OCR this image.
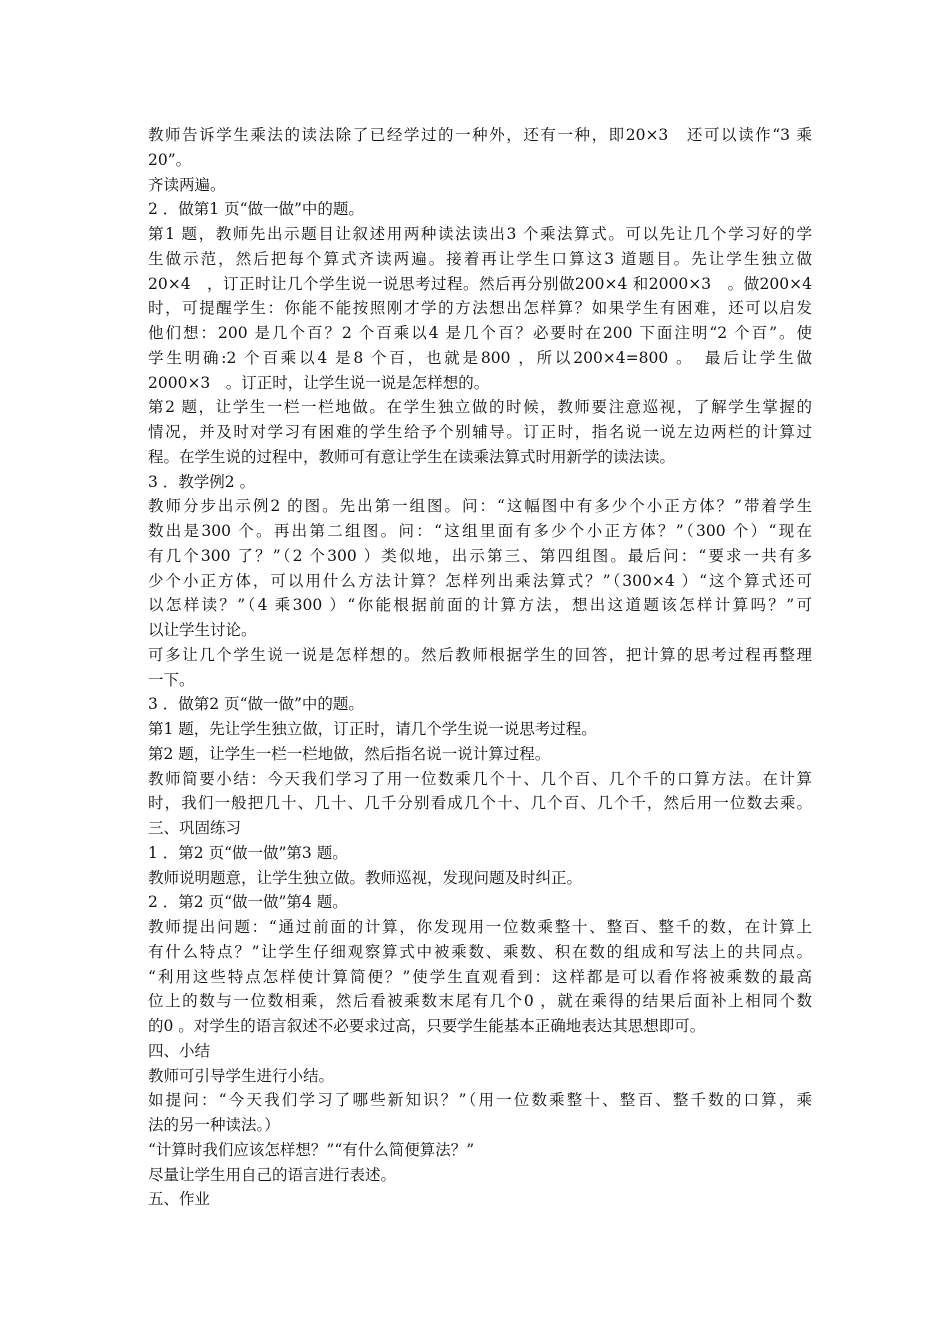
教师告诉学生乘法的读法除了已经学过的一种外，还有一种，即20×3　还可以读作“3 乘
20”。
齐读两遍。
2 ．做第1 页“做一做”中的题。
第1 题，教师先出示题目让叙述用两种读法读出3 个乘法算式。可以先让几个学习好的学
生做示范，然后把每个算式齐读两遍。接着再让学生口算这3 道题目。先让学生独立做
20×4　，订正时让几个学生说一说思考过程。然后再分别做200×4 和2000×3　。做200×4
时，可提醒学生：你能不能按照刚才学的方法想出怎样算？如果学生有困难，还可以启发
他们想：200 是几个百？2 个百乘以4 是几个百？必要时在200 下面注明“2 个百”。使
学生明确:2 个百乘以4 是8 个百，也就是800 ，所以200×4=800 。　最后让学生做
2000×3　。订正时，让学生说一说是怎样想的。
第2 题，让学生一栏一栏地做。在学生独立做的时候，教师要注意巡视，了解学生掌握的
情况，并及时对学习有困难的学生给予个别辅导。订正时，指名说一说左边两栏的计算过
程。在学生说的过程中，教师可有意让学生在读乘法算式时用新学的读法读。
3 ．教学例2 。
教师分步出示例2 的图。先出第一组图。问：“这幅图中有多少个小正方体？”带着学生
数出是300 个。再出第二组图。问：“这组里面有多少个小正方体？”（300 个）“现在
有几个300 了？”（2 个300 ）类似地，出示第三、第四组图。最后问：“要求一共有多
少个小正方体，可以用什么方法计算？怎样列出乘法算式？”（300×4 ）“这个算式还可
以怎样读？”（4 乘300 ）“你能根据前面的计算方法，想出这道题该怎样计算吗？”可
以让学生讨论。
可多让几个学生说一说是怎样想的。然后教师根据学生的回答，把计算的思考过程再整理
一下。
3 ．做第2 页“做一做”中的题。
第1 题，先让学生独立做，订正时，请几个学生说一说思考过程。
第2 题，让学生一栏一栏地做，然后指名说一说计算过程。
教师简要小结：今天我们学习了用一位数乘几个十、几个百、几个千的口算方法。在计算
时，我们一般把几十、几十、几千分别看成几个十、几个百、几个千，然后用一位数去乘。
三、巩固练习
1 ．第2 页“做一做”第3 题。
教师说明题意，让学生独立做。教师巡视，发现问题及时纠正。
2 ．第2 页“做一做”第4 题。
教师提出问题：“通过前面的计算，你发现用一位数乘整十、整百、整千的数，在计算上
有什么特点？”让学生仔细观察算式中被乘数、乘数、积在数的组成和写法上的共同点。
“利用这些特点怎样使计算简便？”使学生直观看到：这样都是可以看作将被乘数的最高
位上的数与一位数相乘，然后看被乘数末尾有几个0 ，就在乘得的结果后面补上相同个数
的0 。对学生的语言叙述不必要求过高，只要学生能基本正确地表达其思想即可。
四、小结
教师可引导学生进行小结。
如提问：“今天我们学习了哪些新知识？”（用一位数乘整十、整百、整千数的口算，乘
法的另一种读法。）
“计算时我们应该怎样想？”“有什么简便算法？”
尽量让学生用自己的语言进行表述。
五、作业
